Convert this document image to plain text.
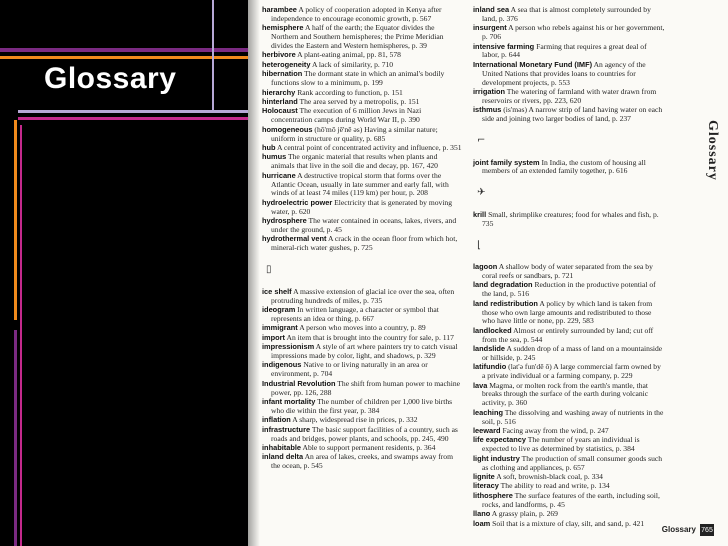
Glossary
harambee A policy of cooperation adopted in Kenya after independence to encourage economic growth, p. 567
hemisphere A half of the earth; the Equator divides the Northern and Southern hemispheres; the Prime Meridian divides the Eastern and Western hemispheres, p. 39
herbivore A plant-eating animal, pp. 81, 578
heterogeneity A lack of similarity, p. 710
hibernation The dormant state in which an animal's bodily functions slow to a minimum, p. 199
hierarchy Rank according to function, p. 151
hinterland The area served by a metropolis, p. 151
Holocaust The execution of 6 million Jews in Nazi concentration camps during World War II, p. 390
homogeneous (hō'mō jē'nē əs) Having a similar nature; uniform in structure or quality, p. 685
hub A central point of concentrated activity and influence, p. 351
humus The organic material that results when plants and animals that live in the soil die and decay, pp. 167, 420
hurricane A destructive tropical storm that forms over the Atlantic Ocean, usually in late summer and early fall, with winds of at least 74 miles (119 km) per hour, p. 208
hydroelectric power Electricity that is generated by moving water, p. 620
hydrosphere The water contained in oceans, lakes, rivers, and under the ground, p. 45
hydrothermal vent A crack in the ocean floor from which hot, mineral-rich water gushes, p. 725
▯
ice shelf A massive extension of glacial ice over the sea, often protruding hundreds of miles, p. 735
ideogram In written language, a character or symbol that represents an idea or thing, p. 667
immigrant A person who moves into a country, p. 89
import An item that is brought into the country for sale, p. 117
impressionism A style of art where painters try to catch visual impressions made by color, light, and shadows, p. 329
indigenous Native to or living naturally in an area or environment, p. 704
Industrial Revolution The shift from human power to machine power, pp. 126, 288
infant mortality The number of children per 1,000 live births who die within the first year, p. 384
inflation A sharp, widespread rise in prices, p. 332
infrastructure The basic support facilities of a country, such as roads and bridges, power plants, and schools, pp. 245, 490
inhabitable Able to support permanent residents, p. 364
inland delta An area of lakes, creeks, and swamps away from the ocean, p. 545
inland sea A sea that is almost completely surrounded by land, p. 376
insurgent A person who rebels against his or her government, p. 706
intensive farming Farming that requires a great deal of labor, p. 644
International Monetary Fund (IMF) An agency of the United Nations that provides loans to countries for development projects, p. 553
irrigation The watering of farmland with water drawn from reservoirs or rivers, pp. 223, 620
isthmus (is'məs) A narrow strip of land having water on each side and joining two larger bodies of land, p. 237
⌐
joint family system In India, the custom of housing all members of an extended family together, p. 616
✈
krill Small, shrimplike creatures; food for whales and fish, p. 735
⌊
lagoon A shallow body of water separated from the sea by coral reefs or sandbars, p. 721
land degradation Reduction in the productive potential of the land, p. 516
land redistribution A policy by which land is taken from those who own large amounts and redistributed to those who have little or none, pp. 229, 583
landlocked Almost or entirely surrounded by land; cut off from the sea, p. 544
landslide A sudden drop of a mass of land on a mountainside or hillside, p. 245
latifundio (lat'ə fun'dē ō) A large commercial farm owned by a private individual or a farming company, p. 229
lava Magma, or molten rock from the earth's mantle, that breaks through the surface of the earth during volcanic activity, p. 360
leaching The dissolving and washing away of nutrients in the soil, p. 516
leeward Facing away from the wind, p. 247
life expectancy The number of years an individual is expected to live as determined by statistics, p. 384
light industry The production of small consumer goods such as clothing and appliances, p. 657
lignite A soft, brownish-black coal, p. 334
literacy The ability to read and write, p. 134
lithosphere The surface features of the earth, including soil, rocks, and landforms, p. 45
llano A grassy plain, p. 269
loam Soil that is a mixture of clay, silt, and sand, p. 421
Glossary
Glossary 765
